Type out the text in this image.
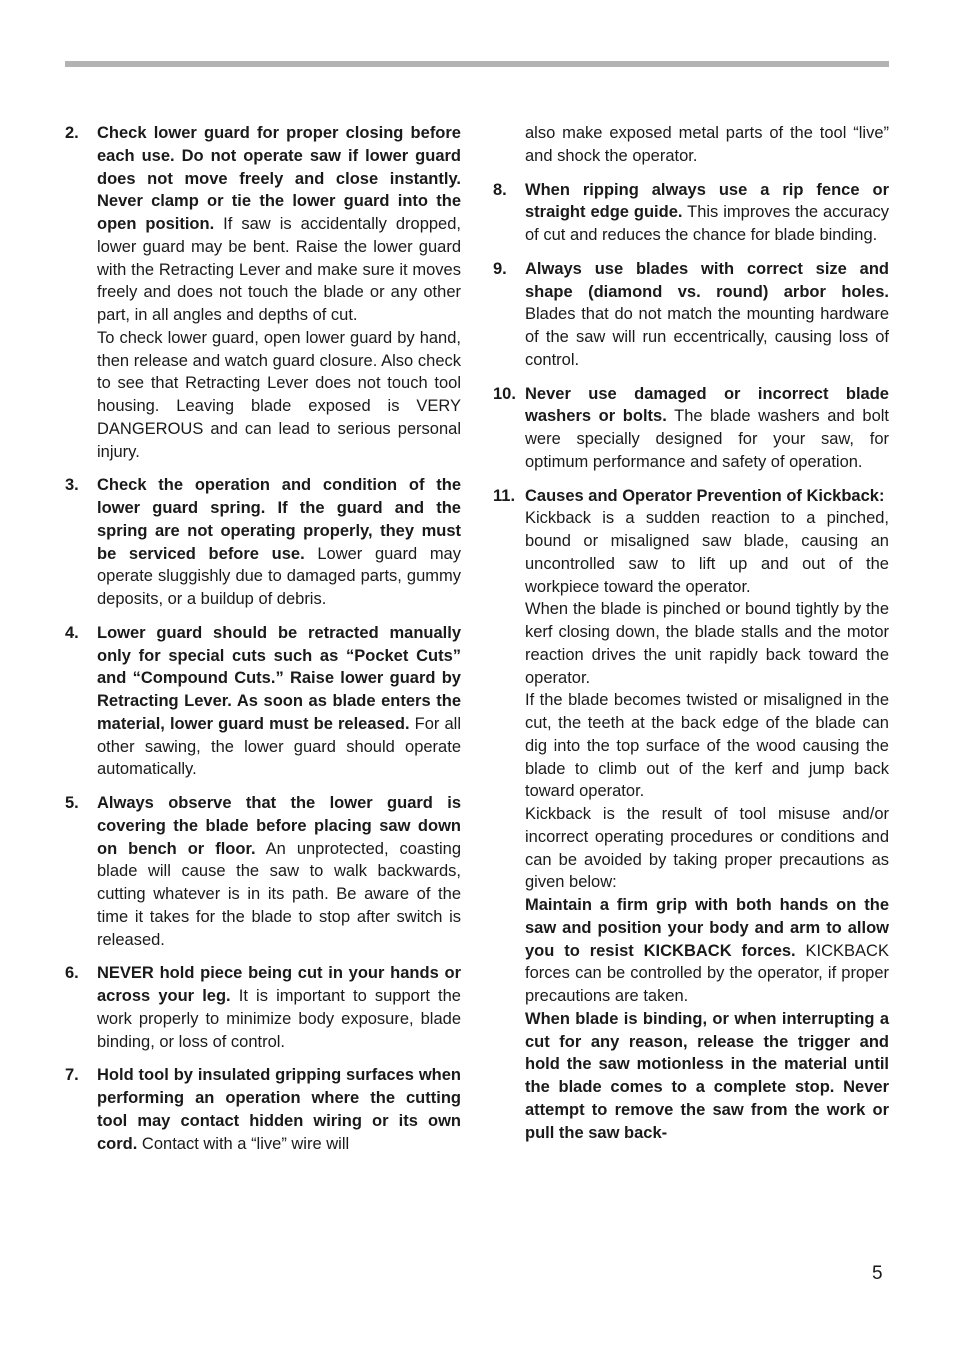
2. Check lower guard for proper closing before each use. Do not operate saw if lower guard does not move freely and close instantly. Never clamp or tie the lower guard into the open position. If saw is accidentally dropped, lower guard may be bent. Raise the lower guard with the Retracting Lever and make sure it moves freely and does not touch the blade or any other part, in all angles and depths of cut.
To check lower guard, open lower guard by hand, then release and watch guard closure. Also check to see that Retracting Lever does not touch tool housing. Leaving blade exposed is VERY DANGEROUS and can lead to serious personal injury.
3. Check the operation and condition of the lower guard spring. If the guard and the spring are not operating properly, they must be serviced before use. Lower guard may operate sluggishly due to damaged parts, gummy deposits, or a buildup of debris.
4. Lower guard should be retracted manually only for special cuts such as “Pocket Cuts” and “Compound Cuts.” Raise lower guard by Retracting Lever. As soon as blade enters the material, lower guard must be released. For all other sawing, the lower guard should operate automatically.
5. Always observe that the lower guard is covering the blade before placing saw down on bench or floor. An unprotected, coasting blade will cause the saw to walk backwards, cutting whatever is in its path. Be aware of the time it takes for the blade to stop after switch is released.
6. NEVER hold piece being cut in your hands or across your leg. It is important to support the work properly to minimize body exposure, blade binding, or loss of control.
7. Hold tool by insulated gripping surfaces when performing an operation where the cutting tool may contact hidden wiring or its own cord. Contact with a “live” wire will
also make exposed metal parts of the tool “live” and shock the operator.
8. When ripping always use a rip fence or straight edge guide. This improves the accuracy of cut and reduces the chance for blade binding.
9. Always use blades with correct size and shape (diamond vs. round) arbor holes. Blades that do not match the mounting hardware of the saw will run eccentrically, causing loss of control.
10. Never use damaged or incorrect blade washers or bolts. The blade washers and bolt were specially designed for your saw, for optimum performance and safety of operation.
11. Causes and Operator Prevention of Kickback:
Kickback is a sudden reaction to a pinched, bound or misaligned saw blade, causing an uncontrolled saw to lift up and out of the workpiece toward the operator.
When the blade is pinched or bound tightly by the kerf closing down, the blade stalls and the motor reaction drives the unit rapidly back toward the operator.
If the blade becomes twisted or misaligned in the cut, the teeth at the back edge of the blade can dig into the top surface of the wood causing the blade to climb out of the kerf and jump back toward operator.
Kickback is the result of tool misuse and/or incorrect operating procedures or conditions and can be avoided by taking proper precautions as given below:
Maintain a firm grip with both hands on the saw and position your body and arm to allow you to resist KICKBACK forces. KICKBACK forces can be controlled by the operator, if proper precautions are taken.
When blade is binding, or when interrupting a cut for any reason, release the trigger and hold the saw motionless in the material until the blade comes to a complete stop. Never attempt to remove the saw from the work or pull the saw back-
5
